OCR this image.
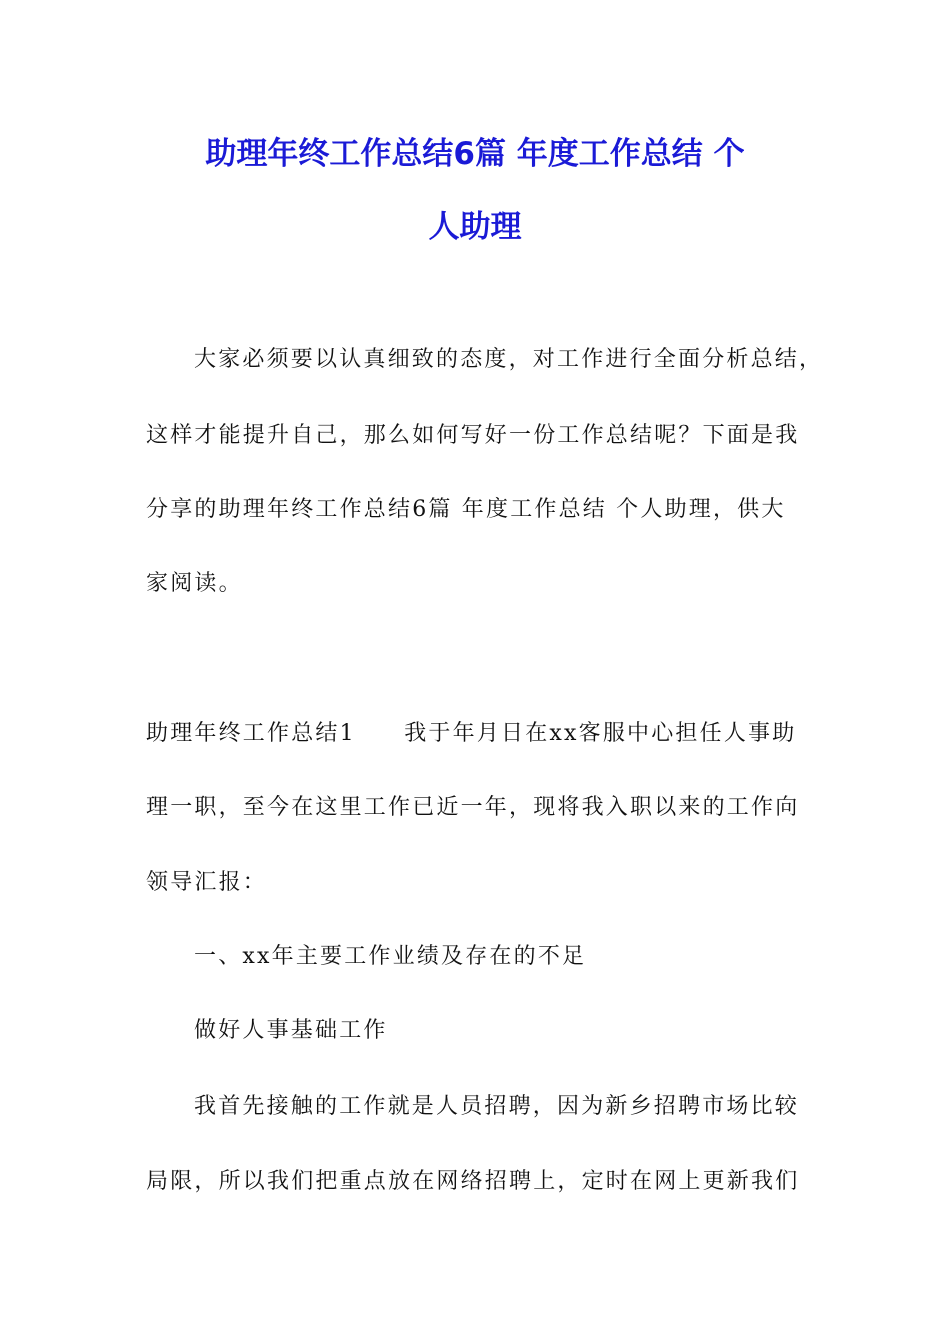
助理年终工作总结6篇 年度工作总结 个
人助理
大家必须要以认真细致的态度，对工作进行全面分析总结，
这样才能提升自己，那么如何写好一份工作总结呢？下面是我
分享的助理年终工作总结6篇 年度工作总结 个人助理，供大
家阅读。
助理年终工作总结1　　我于年月日在xx客服中心担任人事助
理一职，至今在这里工作已近一年，现将我入职以来的工作向
领导汇报：
一、xx年主要工作业绩及存在的不足
做好人事基础工作
我首先接触的工作就是人员招聘，因为新乡招聘市场比较
局限，所以我们把重点放在网络招聘上，定时在网上更新我们
